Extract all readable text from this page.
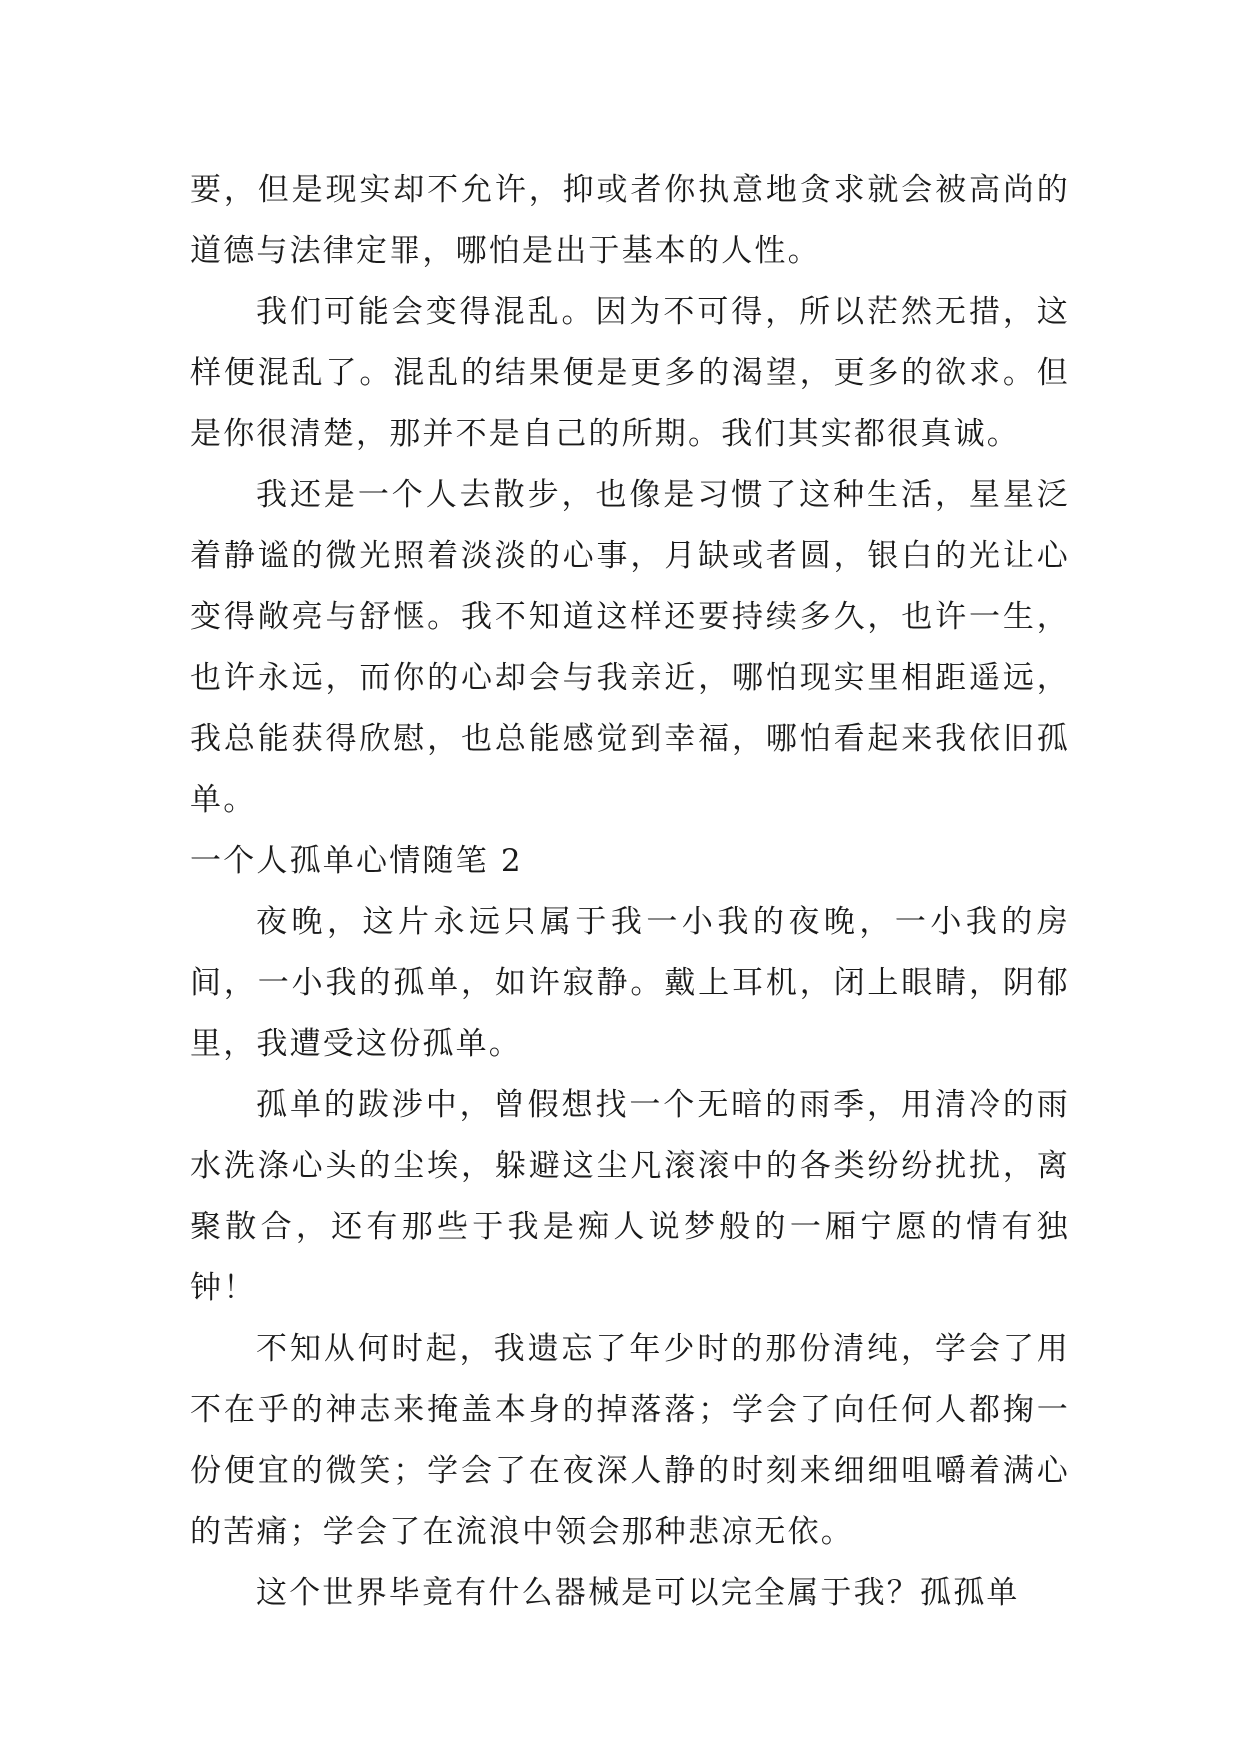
要，但是现实却不允许，抑或者你执意地贪求就会被高尚的道德与法律定罪，哪怕是出于基本的人性。

我们可能会变得混乱。因为不可得，所以茫然无措，这样便混乱了。混乱的结果便是更多的渴望，更多的欲求。但是你很清楚，那并不是自己的所期。我们其实都很真诚。

我还是一个人去散步，也像是习惯了这种生活，星星泛着静谧的微光照着淡淡的心事，月缺或者圆，银白的光让心变得敞亮与舒惬。我不知道这样还要持续多久，也许一生，也许永远，而你的心却会与我亲近，哪怕现实里相距遥远，我总能获得欣慰，也总能感觉到幸福，哪怕看起来我依旧孤单。

一个人孤单心情随笔 2

夜晚，这片永远只属于我一小我的夜晚，一小我的房间，一小我的孤单，如许寂静。戴上耳机，闭上眼睛，阴郁里，我遭受这份孤单。

孤单的跋涉中，曾假想找一个无暗的雨季，用清冷的雨水洗涤心头的尘埃，躲避这尘凡滚滚中的各类纷纷扰扰，离聚散合，还有那些于我是痴人说梦般的一厢宁愿的情有独钟！

不知从何时起，我遗忘了年少时的那份清纯，学会了用不在乎的神志来掩盖本身的掉落落；学会了向任何人都掬一份便宜的微笑；学会了在夜深人静的时刻来细细咀嚼着满心的苦痛；学会了在流浪中领会那种悲凉无依。

这个世界毕竟有什么器械是可以完全属于我？孤孤单
